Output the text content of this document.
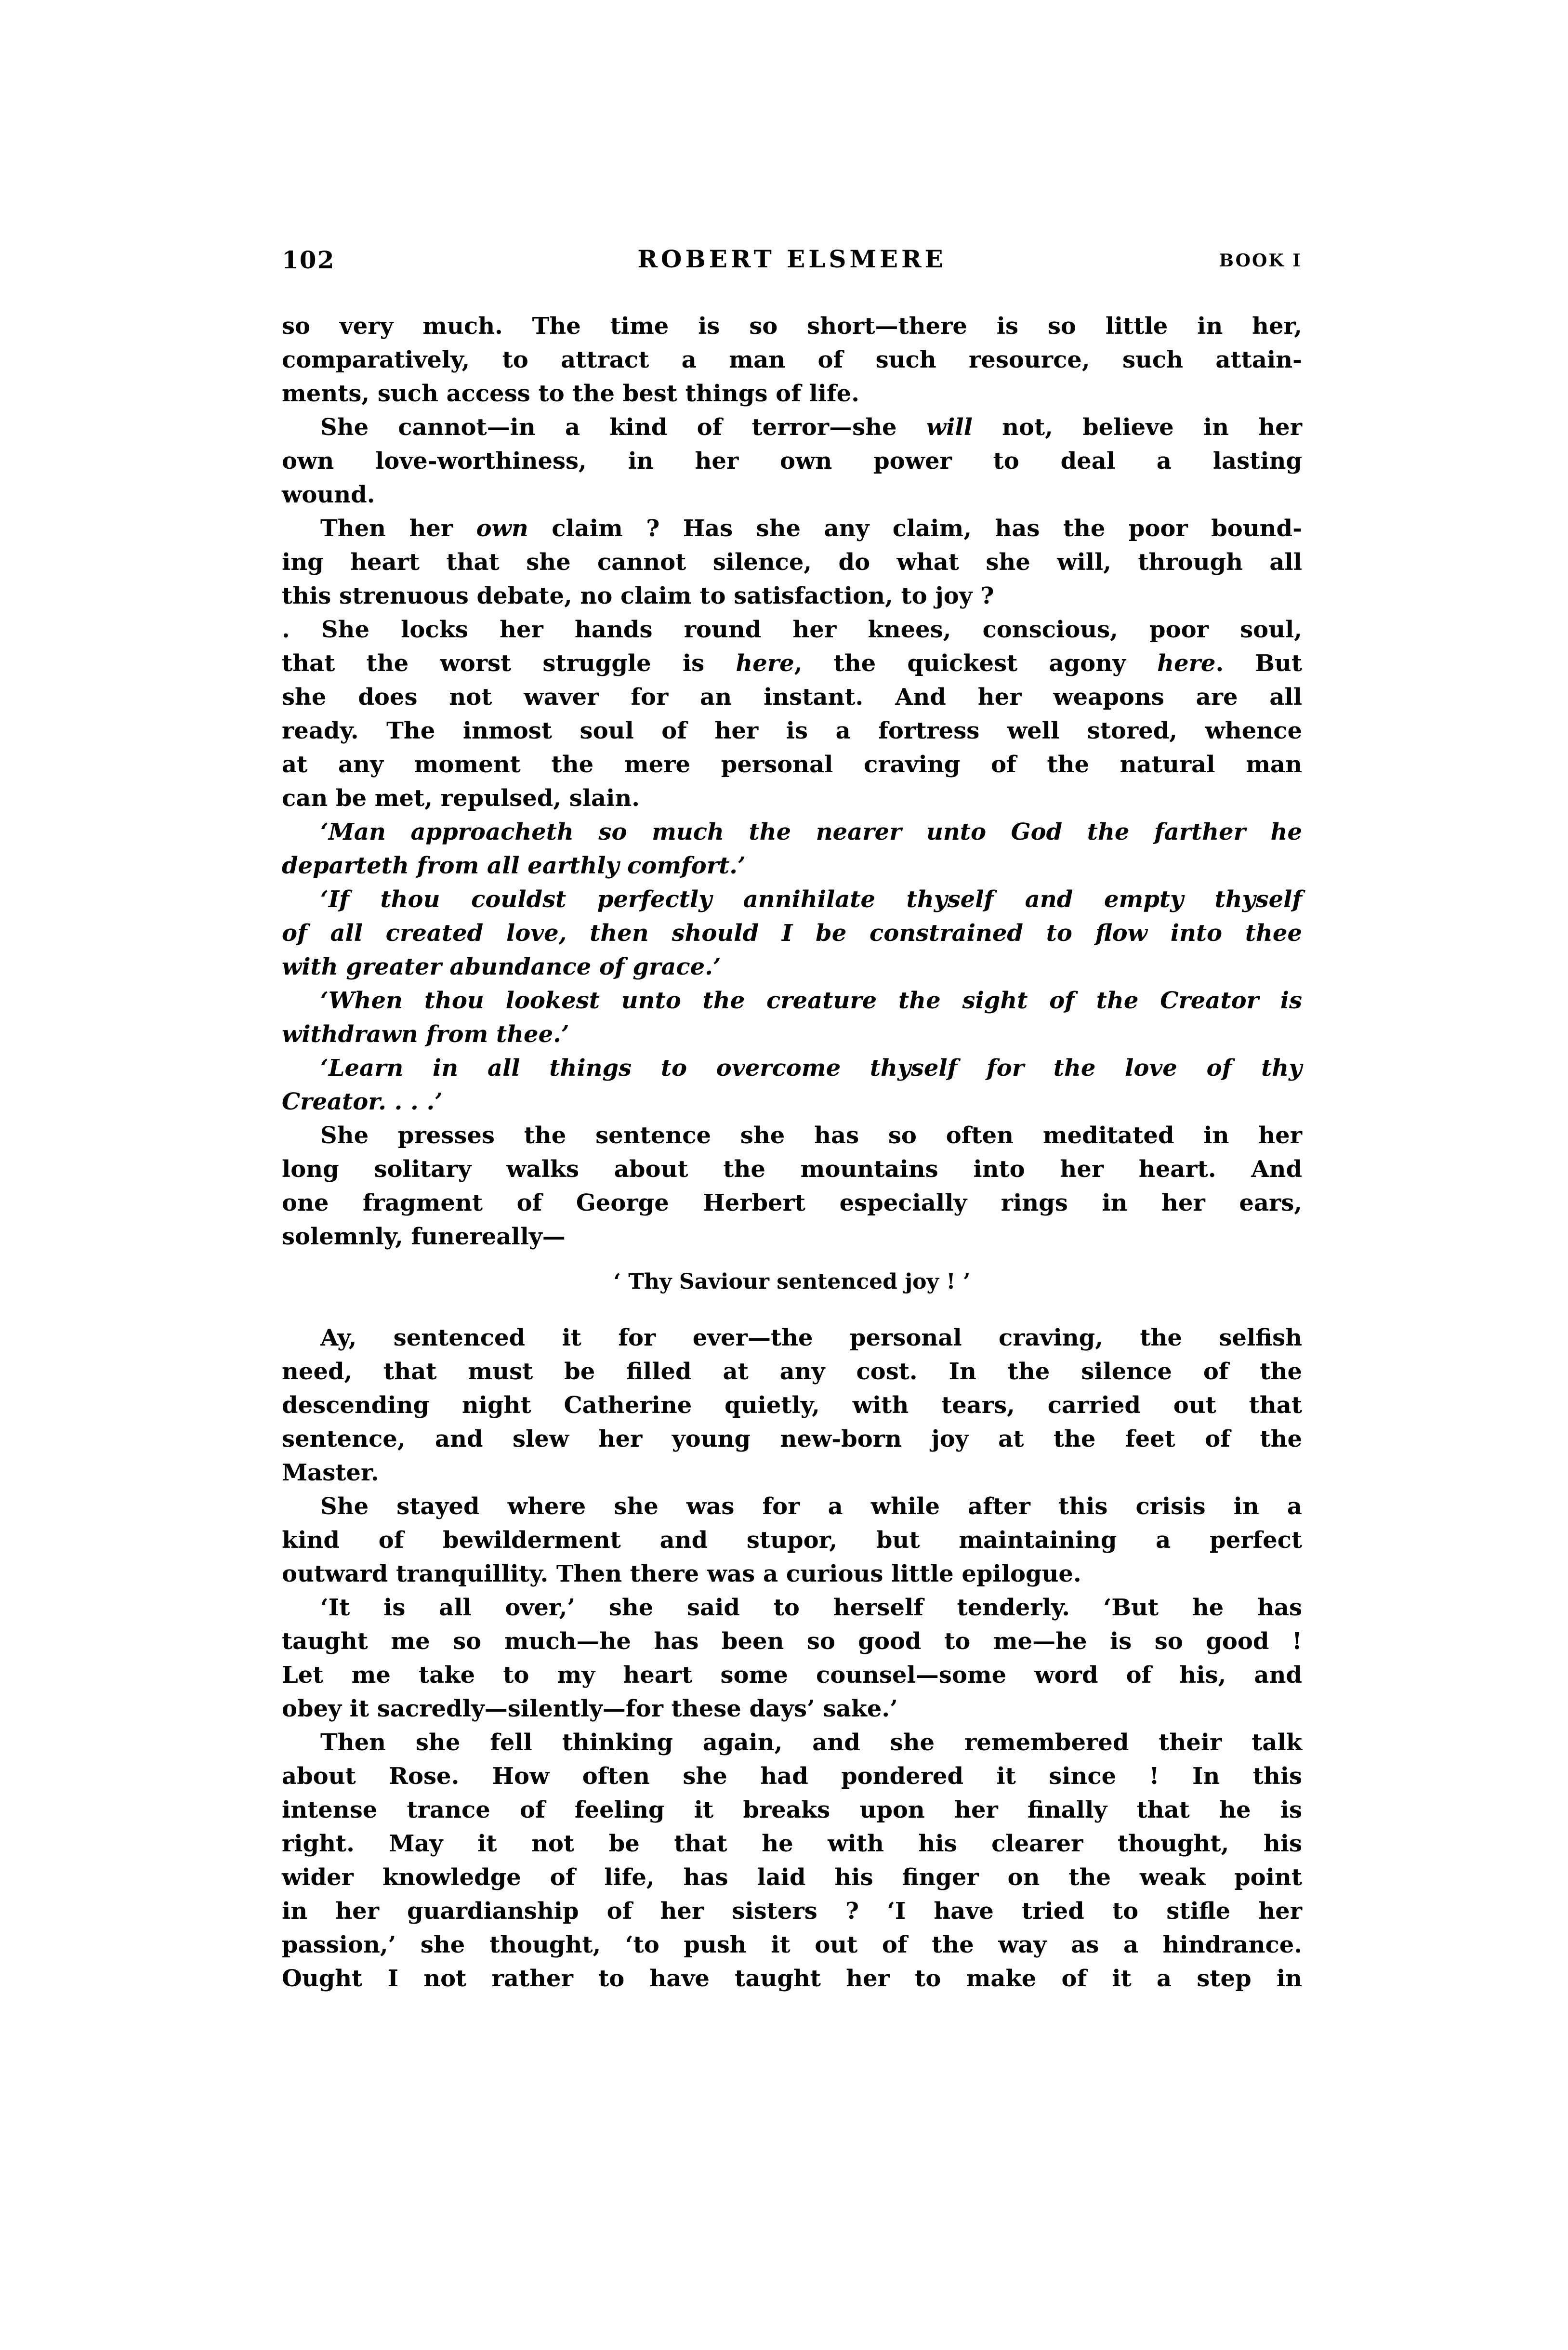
102	ROBERT ELSMERE	BOOK I
so very much. The time is so short—there is so little in her,
comparatively, to attract a man of such resource, such attain-
ments, such access to the best things of life.
She cannot—in a kind of terror—she will not, believe in her
own love-worthiness, in her own power to deal a lasting
wound.
Then her own claim ? Has she any claim, has the poor bound-
ing heart that she cannot silence, do what she will, through all
this strenuous debate, no claim to satisfaction, to joy ?
. She locks her hands round her knees, conscious, poor soul,
that the worst struggle is here, the quickest agony here. But
she does not waver for an instant. And her weapons are all
ready. The inmost soul of her is a fortress well stored, whence
at any moment the mere personal craving of the natural man
can be met, repulsed, slain.
‘Man approacheth so much the nearer unto God the farther he
departeth from all earthly comfort.’
‘If thou couldst perfectly annihilate thyself and empty thyself
of all created love, then should I be constrained to flow into thee
with greater abundance of grace.’
‘When thou lookest unto the creature the sight of the Creator is
withdrawn from thee.’
‘Learn in all things to overcome thyself for the love of thy
Creator. . . .’
She presses the sentence she has so often meditated in her
long solitary walks about the mountains into her heart. And
one fragment of George Herbert especially rings in her ears,
solemnly, funereally—
‘ Thy Saviour sentenced joy ! ’
Ay, sentenced it for ever—the personal craving, the selfish
need, that must be filled at any cost. In the silence of the
descending night Catherine quietly, with tears, carried out that
sentence, and slew her young new-born joy at the feet of the
Master.
She stayed where she was for a while after this crisis in a
kind of bewilderment and stupor, but maintaining a perfect
outward tranquillity. Then there was a curious little epilogue.
‘It is all over,’ she said to herself tenderly. ‘But he has
taught me so much—he has been so good to me—he is so good !
Let me take to my heart some counsel—some word of his, and
obey it sacredly—silently—for these days’ sake.’
Then she fell thinking again, and she remembered their talk
about Rose. How often she had pondered it since ! In this
intense trance of feeling it breaks upon her finally that he is
right. May it not be that he with his clearer thought, his
wider knowledge of life, has laid his finger on the weak point
in her guardianship of her sisters ? ‘I have tried to stifle her
passion,’ she thought, ‘to push it out of the way as a hindrance.
Ought I not rather to have taught her to make of it a step in
